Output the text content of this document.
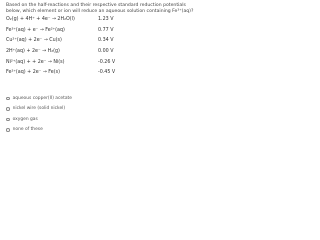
Based on the half-reactions and their respective standard reduction potentials below, which element or ion will reduce an aqueous solution containing Fe³⁺(aq)?
O₂(g) + 4H⁺ + 4e⁻ → 2H₂O(l)	1.23 V
Fe³⁺(aq) + e⁻ → Fe²⁺(aq)	0.77 V
Cu²⁺(aq) + 2e⁻ → Cu(s)	0.34 V
2H⁺(aq) + 2e⁻ → H₂(g)	0.00 V
Ni²⁺(aq) + + 2e⁻ → Ni(s)	-0.26 V
Fe²⁺(aq) + 2e⁻ → Fe(s)	-0.45 V
aqueous copper(II) acetate
nickel wire (solid nickel)
oxygen gas
none of these
